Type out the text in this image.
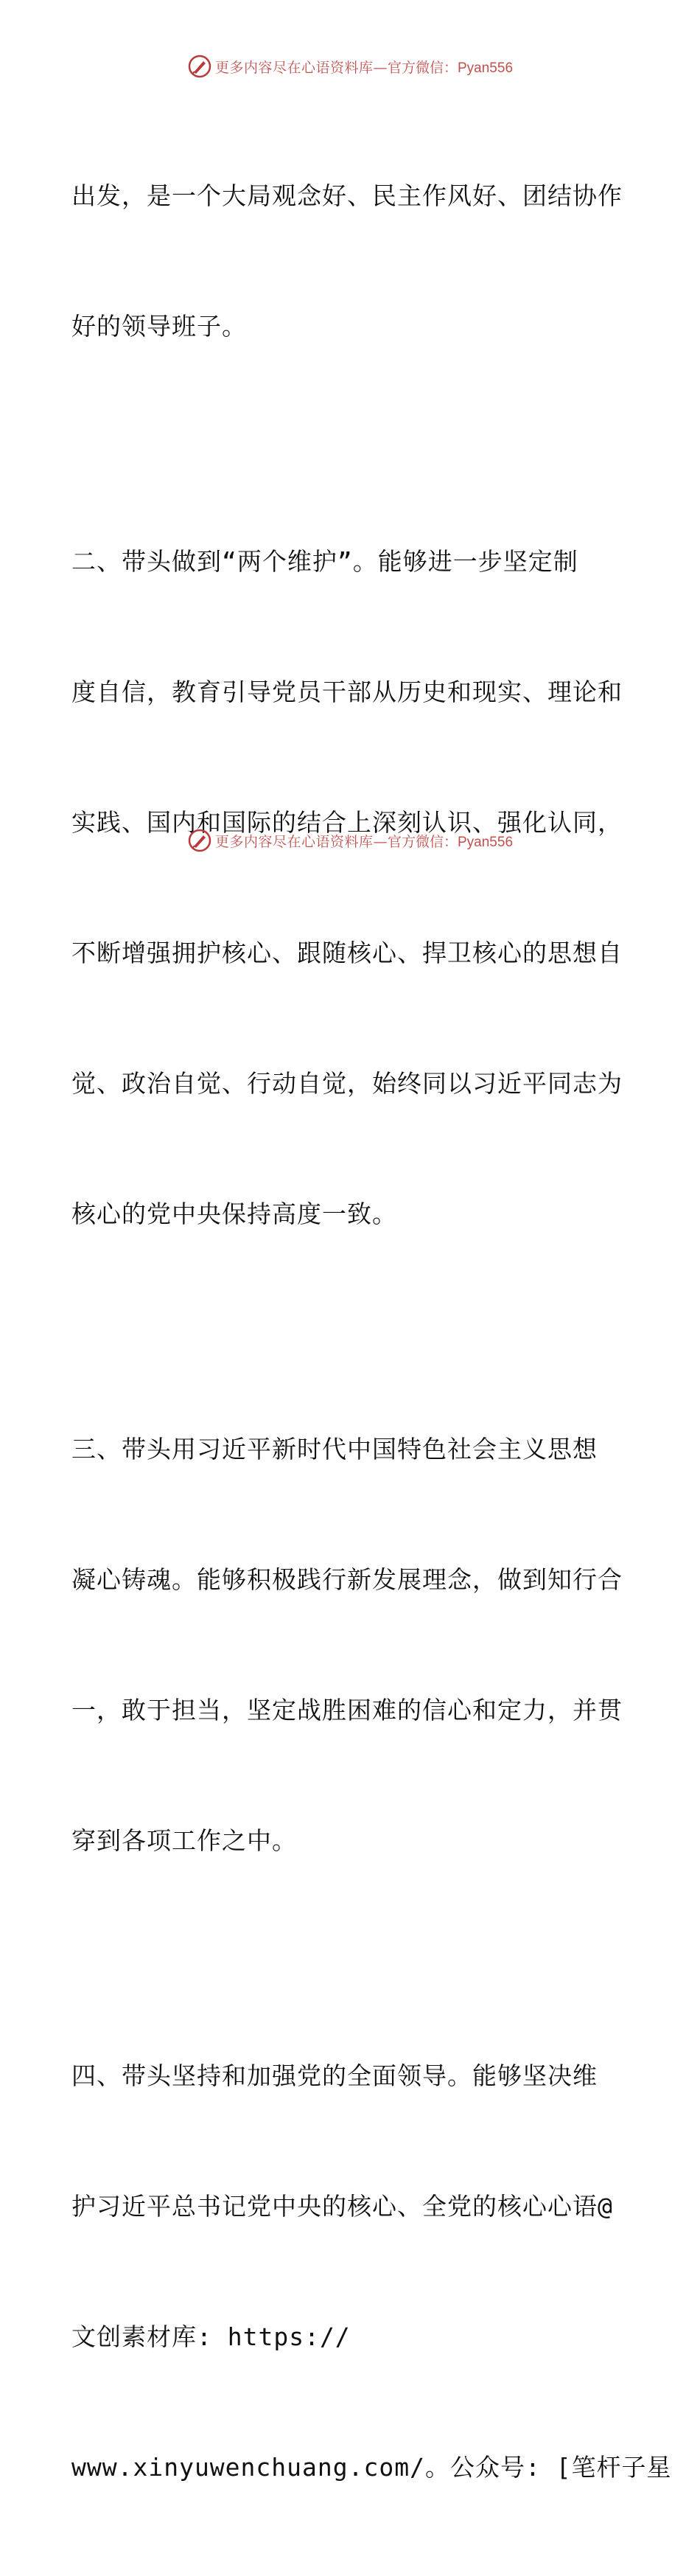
更多内容尽在心语资料库— 官方微信：Pyan556

出发，是一个大局观念好、民主作风好、团结协作

好的领导班子。

二、带头做到“两个维护”。能够进一步坚定制

度自信，教育引导党员干部从历史和现实、理论和

实践、国内和国际的结合上深刻认识、强化认同，

不断增强拥护核心、跟随核心、捍卫核心的思想自

觉、政治自觉、行动自觉，始终同以习近平同志为

核心的党中央保持高度一致。

三、带头用习近平新时代中国特色社会主义思想

凝心铸魂。能够积极践行新发展理念，做到知行合

一，敢于担当，坚定战胜困难的信心和定力，并贯

穿到各项工作之中。

四、带头坚持和加强党的全面领导。能够坚决维

护习近平总书记党中央的核心、全党的核心心语@

文创素材库: https://

www.xinyuwenchuang.com/。公众号: [笔杆子星

更多内容尽在心语资料库— 官方微信：Pyan556
